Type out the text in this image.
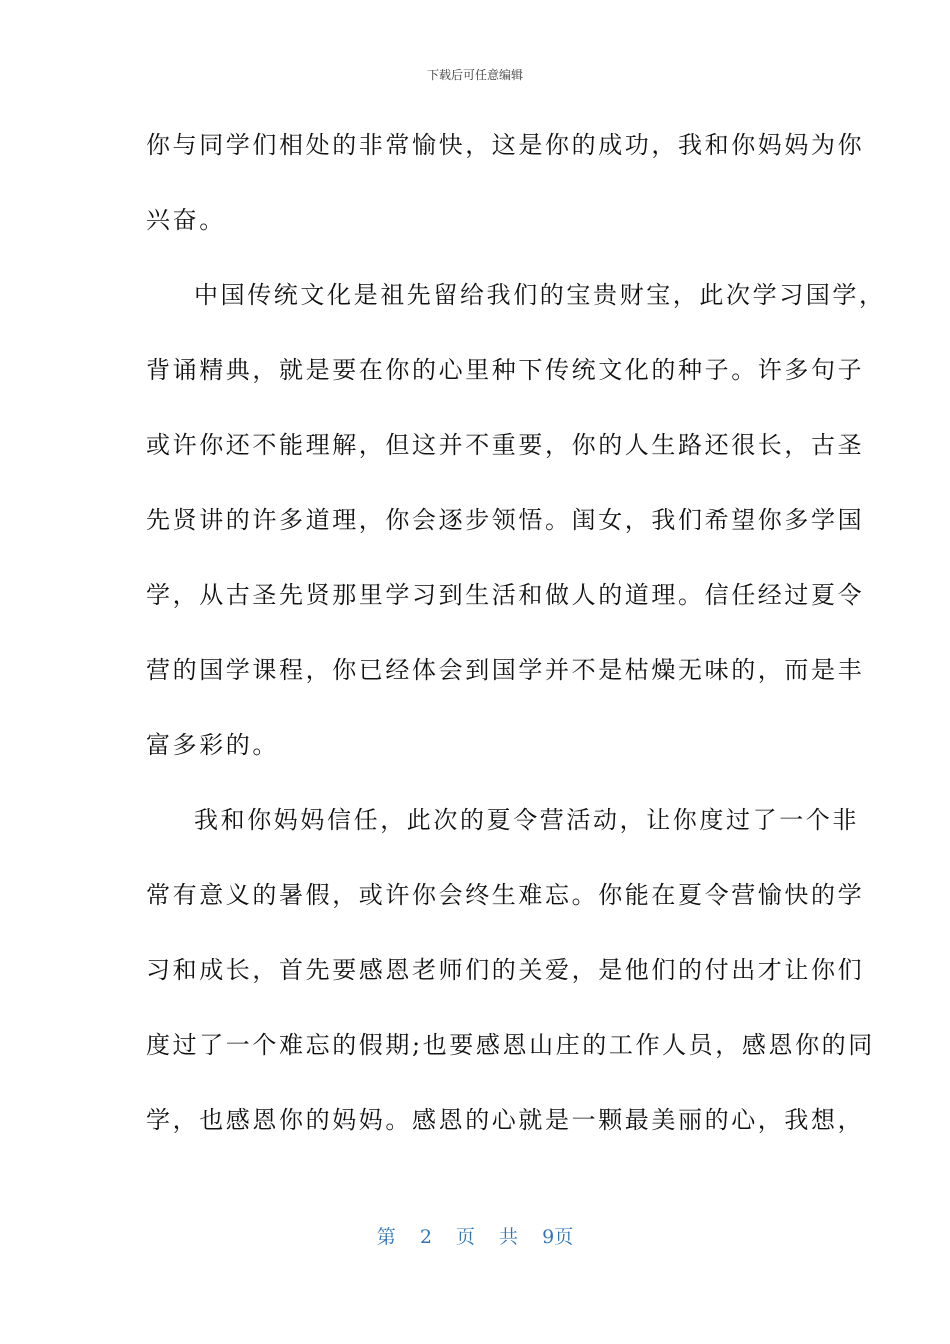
下载后可任意编辑
你与同学们相处的非常愉快，这是你的成功，我和你妈妈为你
兴奋。
中国传统文化是祖先留给我们的宝贵财宝，此次学习国学，
背诵精典，就是要在你的心里种下传统文化的种子。许多句子
或许你还不能理解，但这并不重要，你的人生路还很长，古圣
先贤讲的许多道理，你会逐步领悟。闺女，我们希望你多学国
学，从古圣先贤那里学习到生活和做人的道理。信任经过夏令
营的国学课程，你已经体会到国学并不是枯燥无味的，而是丰
富多彩的。
我和你妈妈信任，此次的夏令营活动，让你度过了一个非
常有意义的暑假，或许你会终生难忘。你能在夏令营愉快的学
习和成长，首先要感恩老师们的关爱，是他们的付出才让你们
度过了一个难忘的假期;也要感恩山庄的工作人员，感恩你的同
学，也感恩你的妈妈。感恩的心就是一颗最美丽的心，我想，
第 2 页 共 9页
